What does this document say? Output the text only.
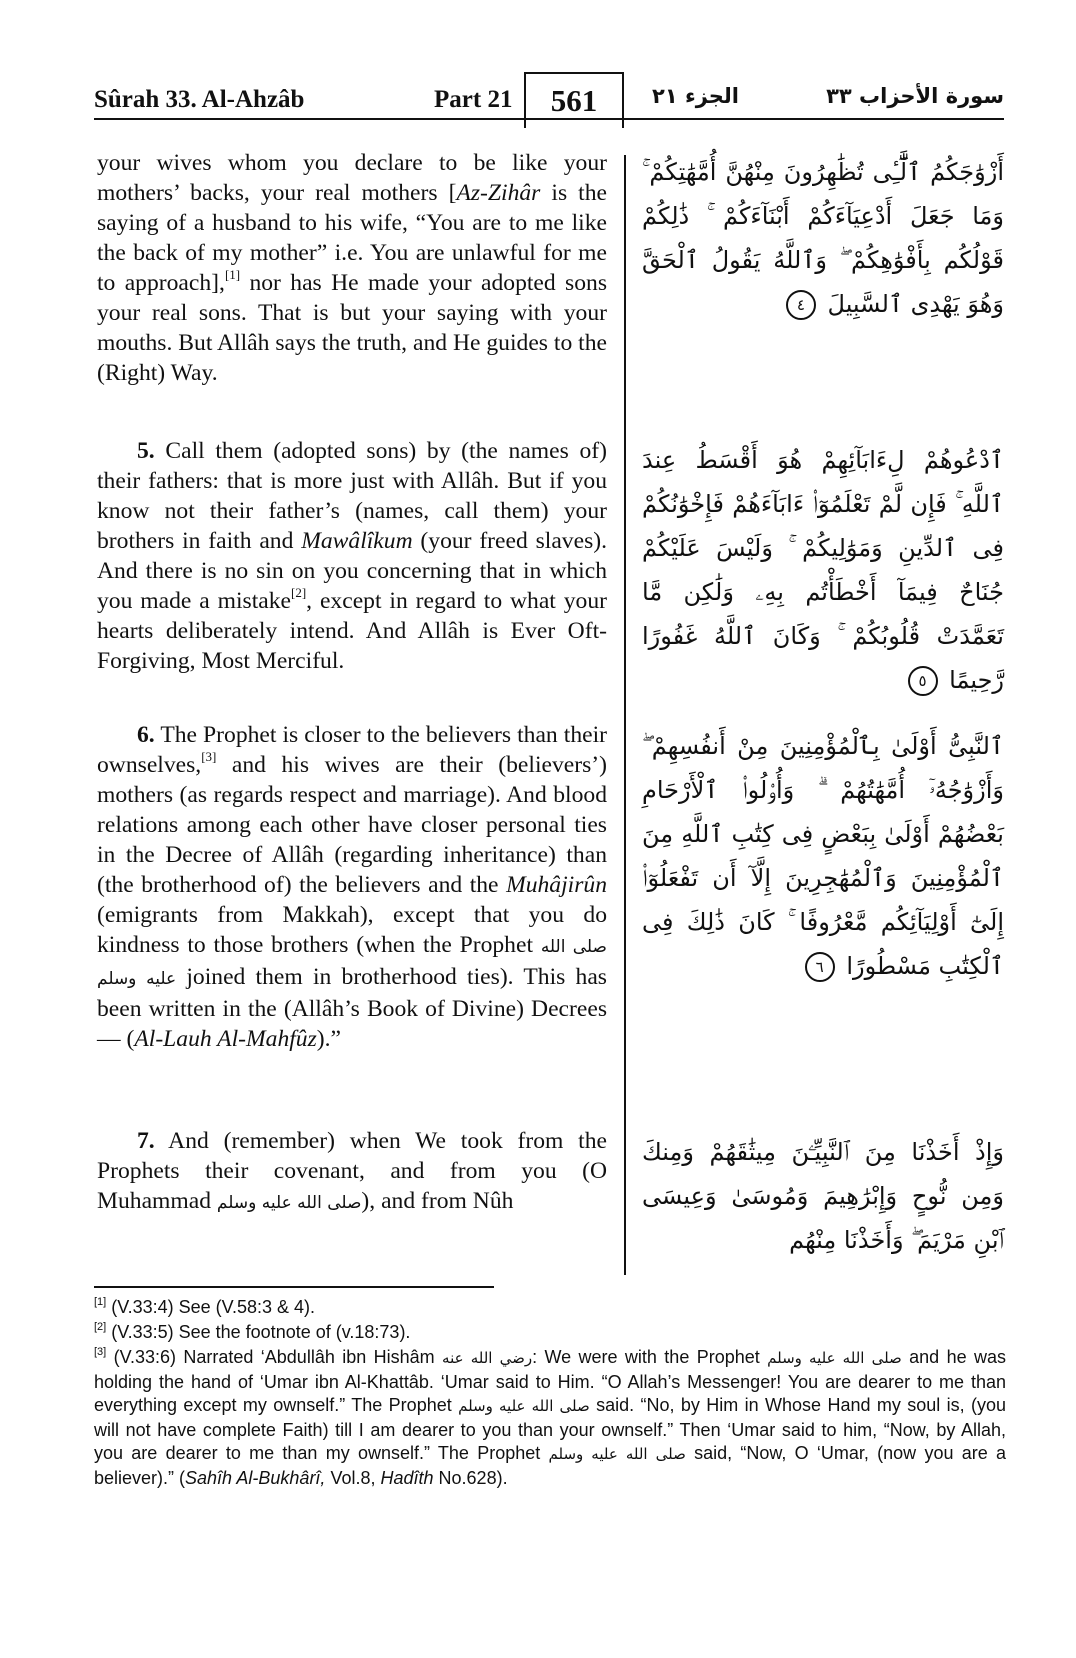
Sûrah 33. Al-Ahzâb	Part 21	561	الجزء ٢١	سورة الأحزاب ٣٣

your wives whom you declare to be like your mothers’ backs, your real mothers [Az-Zihâr is the saying of a husband to his wife, “You are to me like the back of my mother” i.e. You are unlawful for me to approach],[1] nor has He made your adopted sons your real sons. That is but your saying with your mouths. But Allâh says the truth, and He guides to the (Right) Way.

5. Call them (adopted sons) by (the names of) their fathers: that is more just with Allâh. But if you know not their father’s (names, call them) your brothers in faith and Mawâlîkum (your freed slaves). And there is no sin on you concerning that in which you made a mistake[2], except in regard to what your hearts deliberately intend. And Allâh is Ever Oft-Forgiving, Most Merciful.

6. The Prophet is closer to the believers than their ownselves,[3] and his wives are their (believers’) mothers (as regards respect and marriage). And blood relations among each other have closer personal ties in the Decree of Allâh (regarding inheritance) than (the brotherhood of) the believers and the Muhâjirûn (emigrants from Makkah), except that you do kindness to those brothers (when the Prophet صلى الله عليه وسلم joined them in brotherhood ties). This has been written in the (Allâh’s Book of Divine) Decrees — (Al-Lauh Al-Mahfûz).”

7. And (remember) when We took from the Prophets their covenant, and from you (O Muhammad صلى الله عليه وسلم), and from Nûh

أَزْوَٰجَكُمُ ٱلَّٰٓـِٔى تُظَٰهِرُونَ مِنْهُنَّ أُمَّهَٰتِكُمْ ۚ وَمَا جَعَلَ أَدْعِيَآءَكُمْ أَبْنَآءَكُمْ ۚ ذَٰلِكُمْ قَوْلُكُم بِأَفْوَٰهِكُمْ ۖ وَٱللَّهُ يَقُولُ ٱلْحَقَّ وَهُوَ يَهْدِى ٱلسَّبِيلَ ٤

ٱدْعُوهُمْ لِءَابَآئِهِمْ هُوَ أَقْسَطُ عِندَ ٱللَّهِ ۚ فَإِن لَّمْ تَعْلَمُوٓا۟ ءَابَآءَهُمْ فَإِخْوَٰنُكُمْ فِى ٱلدِّينِ وَمَوَٰلِيكُمْ ۚ وَلَيْسَ عَلَيْكُمْ جُنَاحٌ فِيمَآ أَخْطَأْتُم بِهِۦ وَلَٰكِن مَّا تَعَمَّدَتْ قُلُوبُكُمْ ۚ وَكَانَ ٱللَّهُ غَفُورًا رَّحِيمًا ٥

ٱلنَّبِىُّ أَوْلَىٰ بِٱلْمُؤْمِنِينَ مِنْ أَنفُسِهِمْ ۖ وَأَزْوَٰجُهُۥٓ أُمَّهَٰتُهُمْ ۗ وَأُو۟لُوا۟ ٱلْأَرْحَامِ بَعْضُهُمْ أَوْلَىٰ بِبَعْضٍ فِى كِتَٰبِ ٱللَّهِ مِنَ ٱلْمُؤْمِنِينَ وَٱلْمُهَٰجِرِينَ إِلَّآ أَن تَفْعَلُوٓا۟ إِلَىٰٓ أَوْلِيَآئِكُم مَّعْرُوفًا ۚ كَانَ ذَٰلِكَ فِى ٱلْكِتَٰبِ مَسْطُورًا ٦

وَإِذْ أَخَذْنَا مِنَ ٱلنَّبِيِّـۧنَ مِيثَٰقَهُمْ وَمِنكَ وَمِن نُّوحٍ وَإِبْرَٰهِيمَ وَمُوسَىٰ وَعِيسَى ٱبْنِ مَرْيَمَ ۖ وَأَخَذْنَا مِنْهُم

[1] (V.33:4) See (V.58:3 & 4).
[2] (V.33:5) See the footnote of (v.18:73).
[3] (V.33:6) Narrated ‘Abdullâh ibn Hishâm رضي الله عنه: We were with the Prophet صلى الله عليه وسلم and he was holding the hand of ‘Umar ibn Al-Khattâb. ‘Umar said to Him. “O Allah’s Messenger! You are dearer to me than everything except my ownself.” The Prophet صلى الله عليه وسلم said. “No, by Him in Whose Hand my soul is, (you will not have complete Faith) till I am dearer to you than your ownself.” Then ‘Umar said to him, “Now, by Allah, you are dearer to me than my ownself.” The Prophet صلى الله عليه وسلم said, “Now, O ‘Umar, (now you are a believer).” (Sahîh Al-Bukhârî, Vol.8, Hadîth No.628).
